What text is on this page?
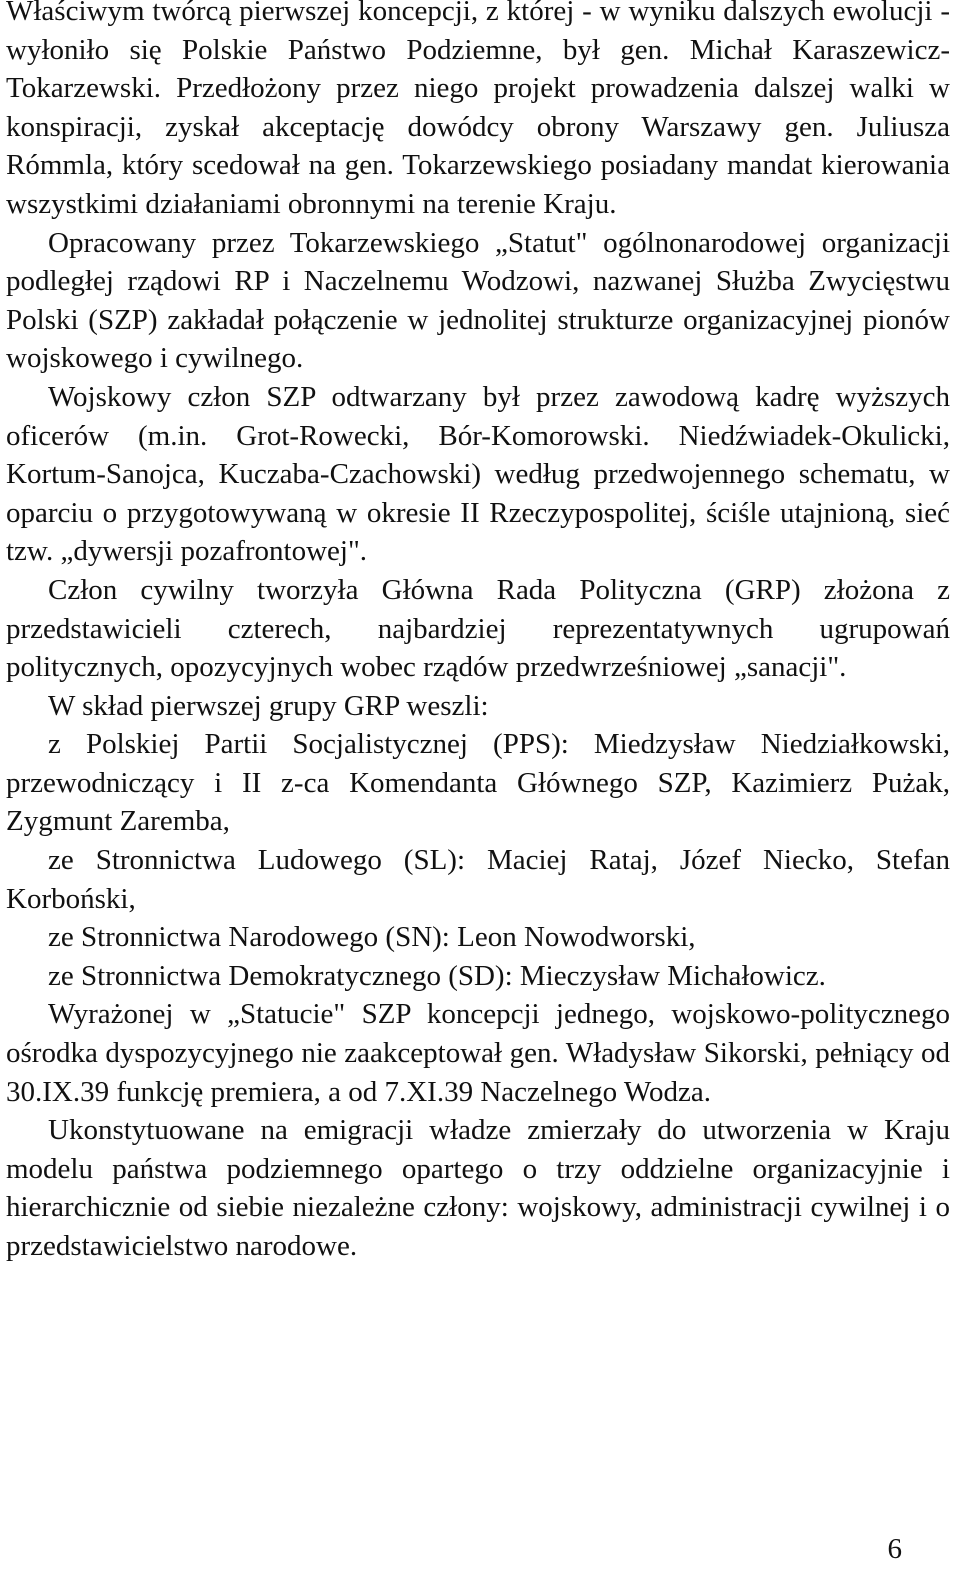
Właściwym twórcą pierwszej koncepcji, z której - w wyniku dalszych ewolucji - wyłoniło się Polskie Państwo Podziemne, był gen. Michał Karaszewicz-Tokarzewski. Przedłożony przez niego projekt prowadzenia dalszej walki w konspiracji, zyskał akceptację dowódcy obrony Warszawy gen. Juliusza Rómmla, który scedował na gen. Tokarzewskiego posiadany mandat kierowania wszystkimi działaniami obronnymi na terenie Kraju.

Opracowany przez Tokarzewskiego „Statut" ogólnonarodowej organizacji podległej rządowi RP i Naczelnemu Wodzowi, nazwanej Służba Zwycięstwu Polski (SZP) zakładał połączenie w jednolitej strukturze organizacyjnej pionów wojskowego i cywilnego.

Wojskowy człon SZP odtwarzany był przez zawodową kadrę wyższych oficerów (m.in. Grot-Rowecki, Bór-Komorowski. Niedźwiadek-Okulicki, Kortum-Sanojca, Kuczaba-Czachowski) według przedwojennego schematu, w oparciu o przygotowywaną w okresie II Rzeczypospolitej, ściśle utajnioną, sieć tzw. „dywersji pozafrontowej".

Człon cywilny tworzyła Główna Rada Polityczna (GRP) złożona z przedstawicieli czterech, najbardziej reprezentatywnych ugrupowań politycznych, opozycyjnych wobec rządów przedwrześniowej „sanacji".

W skład pierwszej grupy GRP weszli:

z Polskiej Partii Socjalistycznej (PPS): Miedzysław Niedziałkowski, przewodniczący i II z-ca Komendanta Głównego SZP, Kazimierz Pużak, Zygmunt Zaremba,

ze Stronnictwa Ludowego (SL): Maciej Rataj, Józef Niecko, Stefan Korboński,

ze Stronnictwa Narodowego (SN): Leon Nowodworski,

ze Stronnictwa Demokratycznego (SD): Mieczysław Michałowicz.

Wyrażonej w „Statucie" SZP koncepcji jednego, wojskowo-politycznego ośrodka dyspozycyjnego nie zaakceptował gen. Władysław Sikorski, pełniący od 30.IX.39 funkcję premiera, a od 7.XI.39 Naczelnego Wodza.

Ukonstytuowane na emigracji władze zmierzały do utworzenia w Kraju modelu państwa podziemnego opartego o trzy oddzielne organizacyjnie i hierarchicznie od siebie niezależne człony: wojskowy, administracji cywilnej i o przedstawicielstwo narodowe.

6
